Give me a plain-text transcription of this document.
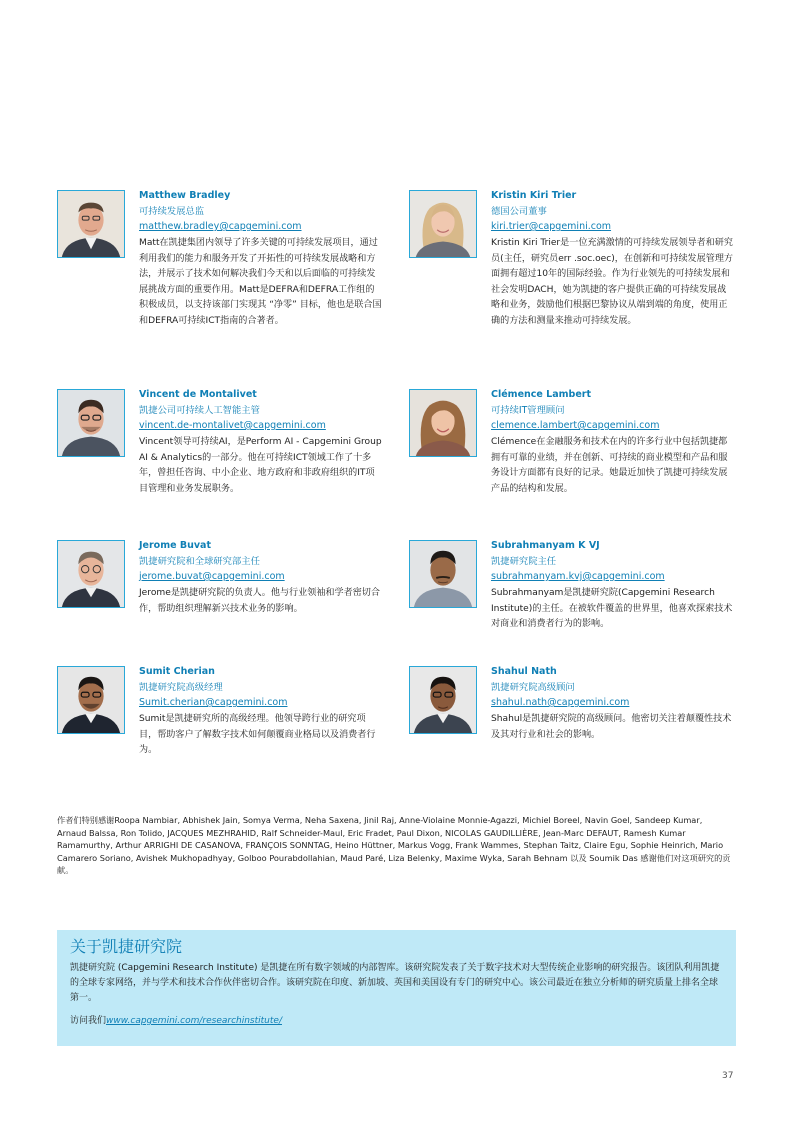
Matthew Bradley
可持续发展总监
matthew.bradley@capgemini.com
Matt在凯捷集团内领导了许多关键的可持续发展项目，通过利用我们的能力和服务开发了开拓性的可持续发展战略和方法，并展示了技术如何解决我们今天和以后面临的可持续发展挑战方面的重要作用。Matt是DEFRA和DEFRA工作组的积极成员，以支持该部门实现其 “净零” 目标，他也是联合国和DEFRA可持续ICT指南的合著者。
Kristin Kiri Trier
德国公司董事
kiri.trier@capgemini.com
Kristin Kiri Trier是一位充满激情的可持续发展领导者和研究员(主任，研究员err .soc.oec)，在创新和可持续发展管理方面拥有超过10年的国际经验。作为行业领先的可持续发展和社会发明DACH，她为凯捷的客户提供正确的可持续发展战略和业务，鼓励他们根据巴黎协议从端到端的角度，使用正确的方法和测量来推动可持续发展。
Vincent de Montalivet
凯捷公司可持续人工智能主管
vincent.de-montalivet@capgemini.com
Vincent领导可持续AI，是Perform AI - Capgemini Group AI & Analytics的一部分。他在可持续ICT领域工作了十多年，曾担任咨询、中小企业、地方政府和非政府组织的IT项目管理和业务发展职务。
Clémence Lambert
可持续IT管理顾问
clemence.lambert@capgemini.com
Clémence在金融服务和技术在内的许多行业中包括凯捷都拥有可靠的业绩，并在创新、可持续的商业模型和产品和服务设计方面都有良好的记录。她最近加快了凯捷可持续发展产品的结构和发展。
Jerome Buvat
凯捷研究院和全球研究部主任
jerome.buvat@capgemini.com
Jerome是凯捷研究院的负责人。他与行业领袖和学者密切合作，帮助组织理解新兴技术业务的影响。
Subrahmanyam K VJ
凯捷研究院主任
subrahmanyam.kvj@capgemini.com
Subrahmanyam是凯捷研究院(Capgemini Research Institute)的主任。在被软件覆盖的世界里，他喜欢探索技术对商业和消费者行为的影响。
Sumit Cherian
凯捷研究院高级经理
Sumit.cherian@capgemini.com
Sumit是凯捷研究所的高级经理。他领导跨行业的研究项目，帮助客户了解数字技术如何颠覆商业格局以及消费者行为。
Shahul Nath
凯捷研究院高级顾问
shahul.nath@capgemini.com
Shahul是凯捷研究院的高级顾问。他密切关注着颠覆性技术及其对行业和社会的影响。
作者们特别感谢Roopa Nambiar, Abhishek Jain, Somya Verma, Neha Saxena, Jinil Raj, Anne-Violaine Monnie-Agazzi, Michiel Boreel, Navin Goel, Sandeep Kumar, Arnaud Balssa, Ron Tolido, JACQUES MEZHRAHID, Ralf Schneider-Maul, Eric Fradet, Paul Dixon, NICOLAS GAUDILLIÈRE, Jean-Marc DEFAUT, Ramesh Kumar Ramamurthy, Arthur ARRIGHI DE CASANOVA, FRANÇOIS SONNTAG, Heino Hüttner, Markus Vogg, Frank Wammes, Stephan Taitz, Claire Egu, Sophie Heinrich, Mario Camarero Soriano, Avishek Mukhopadhyay, Golboo Pourabdollahian, Maud Paré, Liza Belenky, Maxime Wyka, Sarah Behnam 以及 Soumik Das 感谢他们对这项研究的贡献。
关于凯捷研究院
凯捷研究院 (Capgemini Research Institute) 是凯捷在所有数字领域的内部智库。该研究院发表了关于数字技术对大型传统企业影响的研究报告。该团队利用凯捷的全球专家网络，并与学术和技术合作伙伴密切合作。该研究院在印度、新加坡、英国和美国设有专门的研究中心。该公司最近在独立分析师的研究质量上排名全球第一。
访问我们www.capgemini.com/researchinstitute/
37
